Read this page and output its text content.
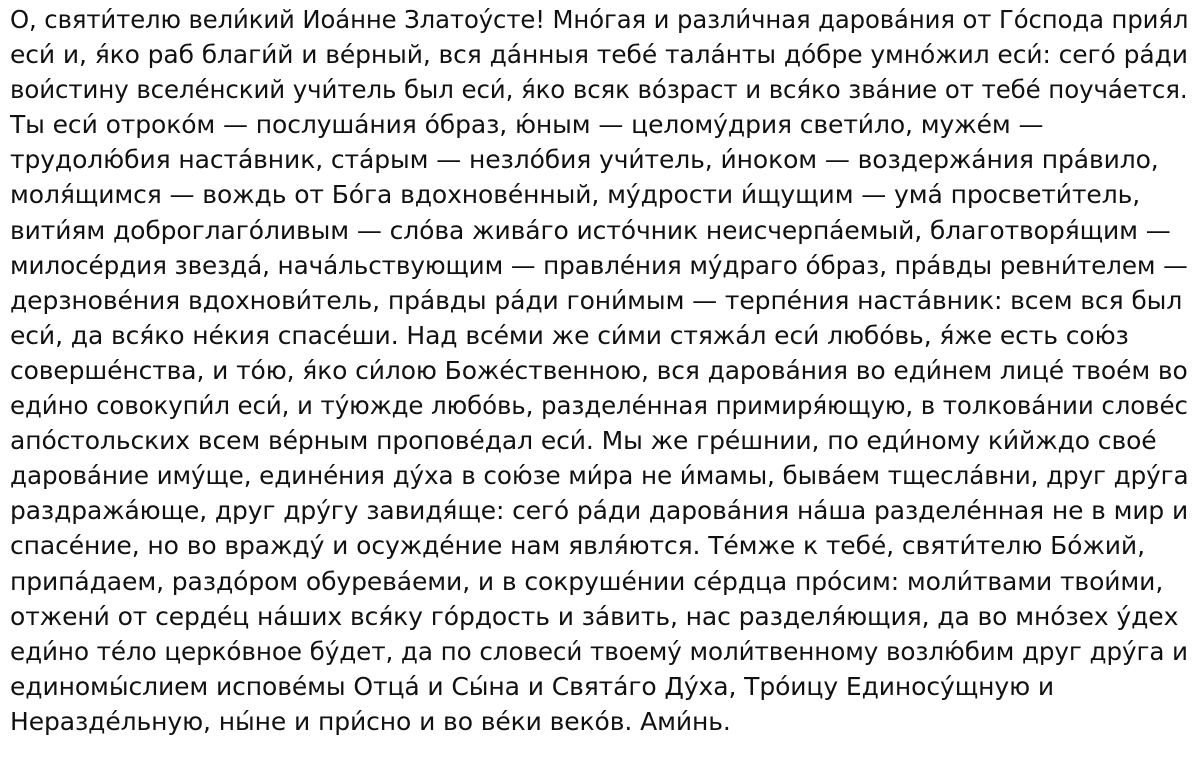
О, святи́телю вели́кий Иоа́нне Златоу́сте! Мно́гая и разли́чная дарова́ния от Го́спода прия́л
еси́ и, я́ко раб благи́й и ве́рный, вся да́нныя тебе́ тала́нты до́бре умно́жил еси́: сего́ ра́ди
вои́стину вселе́нский учи́тель был еси́, я́ко всяк во́зраст и вся́ко зва́ние от тебе́ поуча́ется.
Ты еси́ отроко́м — послуша́ния о́браз, ю́ным — целому́дрия свети́ло, муже́м —
трудолю́бия наста́вник, ста́рым — незло́бия учи́тель, и́ноком — воздержа́ния пра́вило,
моля́щимся — вождь от Бо́га вдохнове́нный, му́дрости и́щущим — ума́ просвети́тель,
вити́ям доброглаго́ливым — сло́ва жива́го исто́чник неисчерпа́емый, благотворя́щим —
милосе́рдия звезда́, нача́льствующим — правле́ния му́драго о́браз, пра́вды ревни́телем —
дерзнове́ния вдохнови́тель, пра́вды ра́ди гони́мым — терпе́ния наста́вник: всем вся был
еси́, да вся́ко не́кия спасе́ши. Над все́ми же си́ми стяжа́л еси́ любо́вь, я́же есть сою́з
соверше́нства, и то́ю, я́ко си́лою Боже́ственною, вся дарова́ния во еди́нем лице́ твое́м во
еди́но совокупи́л еси́, и ту́южде любо́вь, разделе́нная примиря́ющую, в толкова́нии слове́с
апо́стольских всем ве́рным пропове́дал еси́. Мы же гре́шнии, по еди́ному ки́йждо свое́
дарова́ние иму́ще, едине́ния ду́ха в сою́зе ми́ра не и́мамы, быва́ем тщесла́вни, друг дру́га
раздража́юще, друг дру́гу завидя́ще: сего́ ра́ди дарова́ния на́ша разделе́нная не в мир и
спасе́ние, но во вражду́ и осужде́ние нам явля́ются. Те́мже к тебе́, святи́телю Бо́жий,
припа́даем, раздо́ром обурева́еми, и в сокруше́нии се́рдца про́сим: моли́твами твои́ми,
отжени́ от серде́ц на́ших вся́ку го́рдость и за́вить, нас разделя́ющия, да во мно́зех у́дех
еди́но те́ло церко́вное бу́дет, да по словеси́ твоему́ моли́твенному возлю́бим друг дру́га и
единомы́слием испове́мы Отца́ и Сы́на и Свята́го Ду́ха, Тро́ицу Единосу́щную и
Неразде́льную, ны́не и при́сно и во ве́ки веко́в. Ами́нь.
